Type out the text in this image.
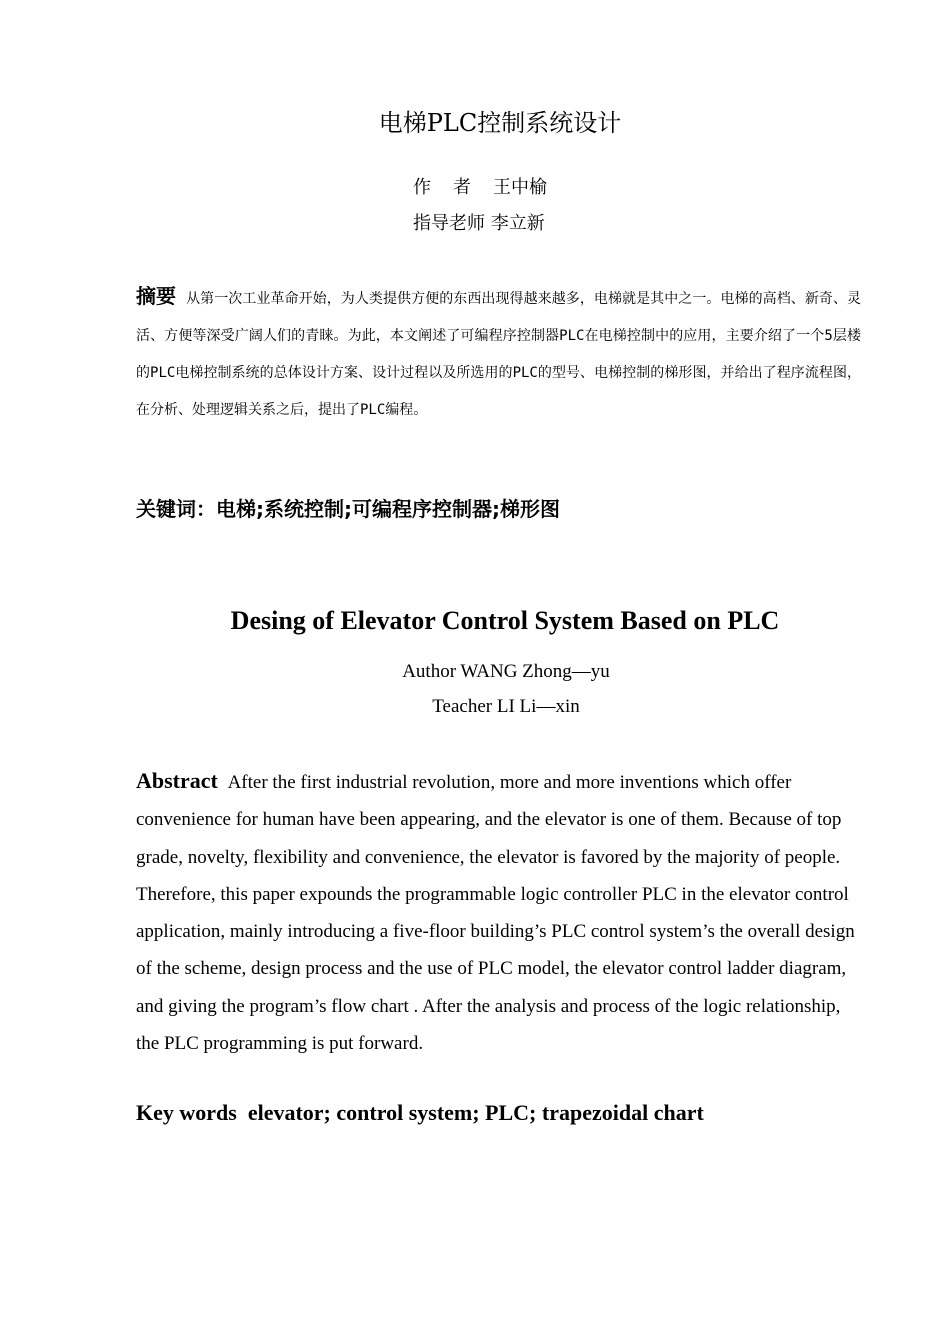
电梯PLC控制系统设计
作者王中榆
指导老师 李立新
摘要 从第一次工业革命开始，为人类提供方便的东西出现得越来越多，电梯就是其中之一。电梯的高档、新奇、灵活、方便等深受广阔人们的青睐。为此，本文阐述了可编程序控制器PLC在电梯控制中的应用，主要介绍了一个5层楼的PLC电梯控制系统的总体设计方案、设计过程以及所选用的PLC的型号、电梯控制的梯形图，并给出了程序流程图，在分析、处理逻辑关系之后，提出了PLC编程。
关键词：电梯;系统控制;可编程序控制器;梯形图
Desing of Elevator Control System Based on PLC
Author WANG Zhong—yu
Teacher LI Li—xin
Abstract After the first industrial revolution, more and more inventions which offer convenience for human have been appearing, and the elevator is one of them. Because of top grade, novelty, flexibility and convenience, the elevator is favored by the majority of people. Therefore, this paper expounds the programmable logic controller PLC in the elevator control application, mainly introducing a five-floor building’s PLC control system’s the overall design of the scheme, design process and the use of PLC model, the elevator control ladder diagram, and giving the program’s flow chart . After the analysis and process of the logic relationship, the PLC programming is put forward.
Key words elevator; control system; PLC; trapezoidal chart
